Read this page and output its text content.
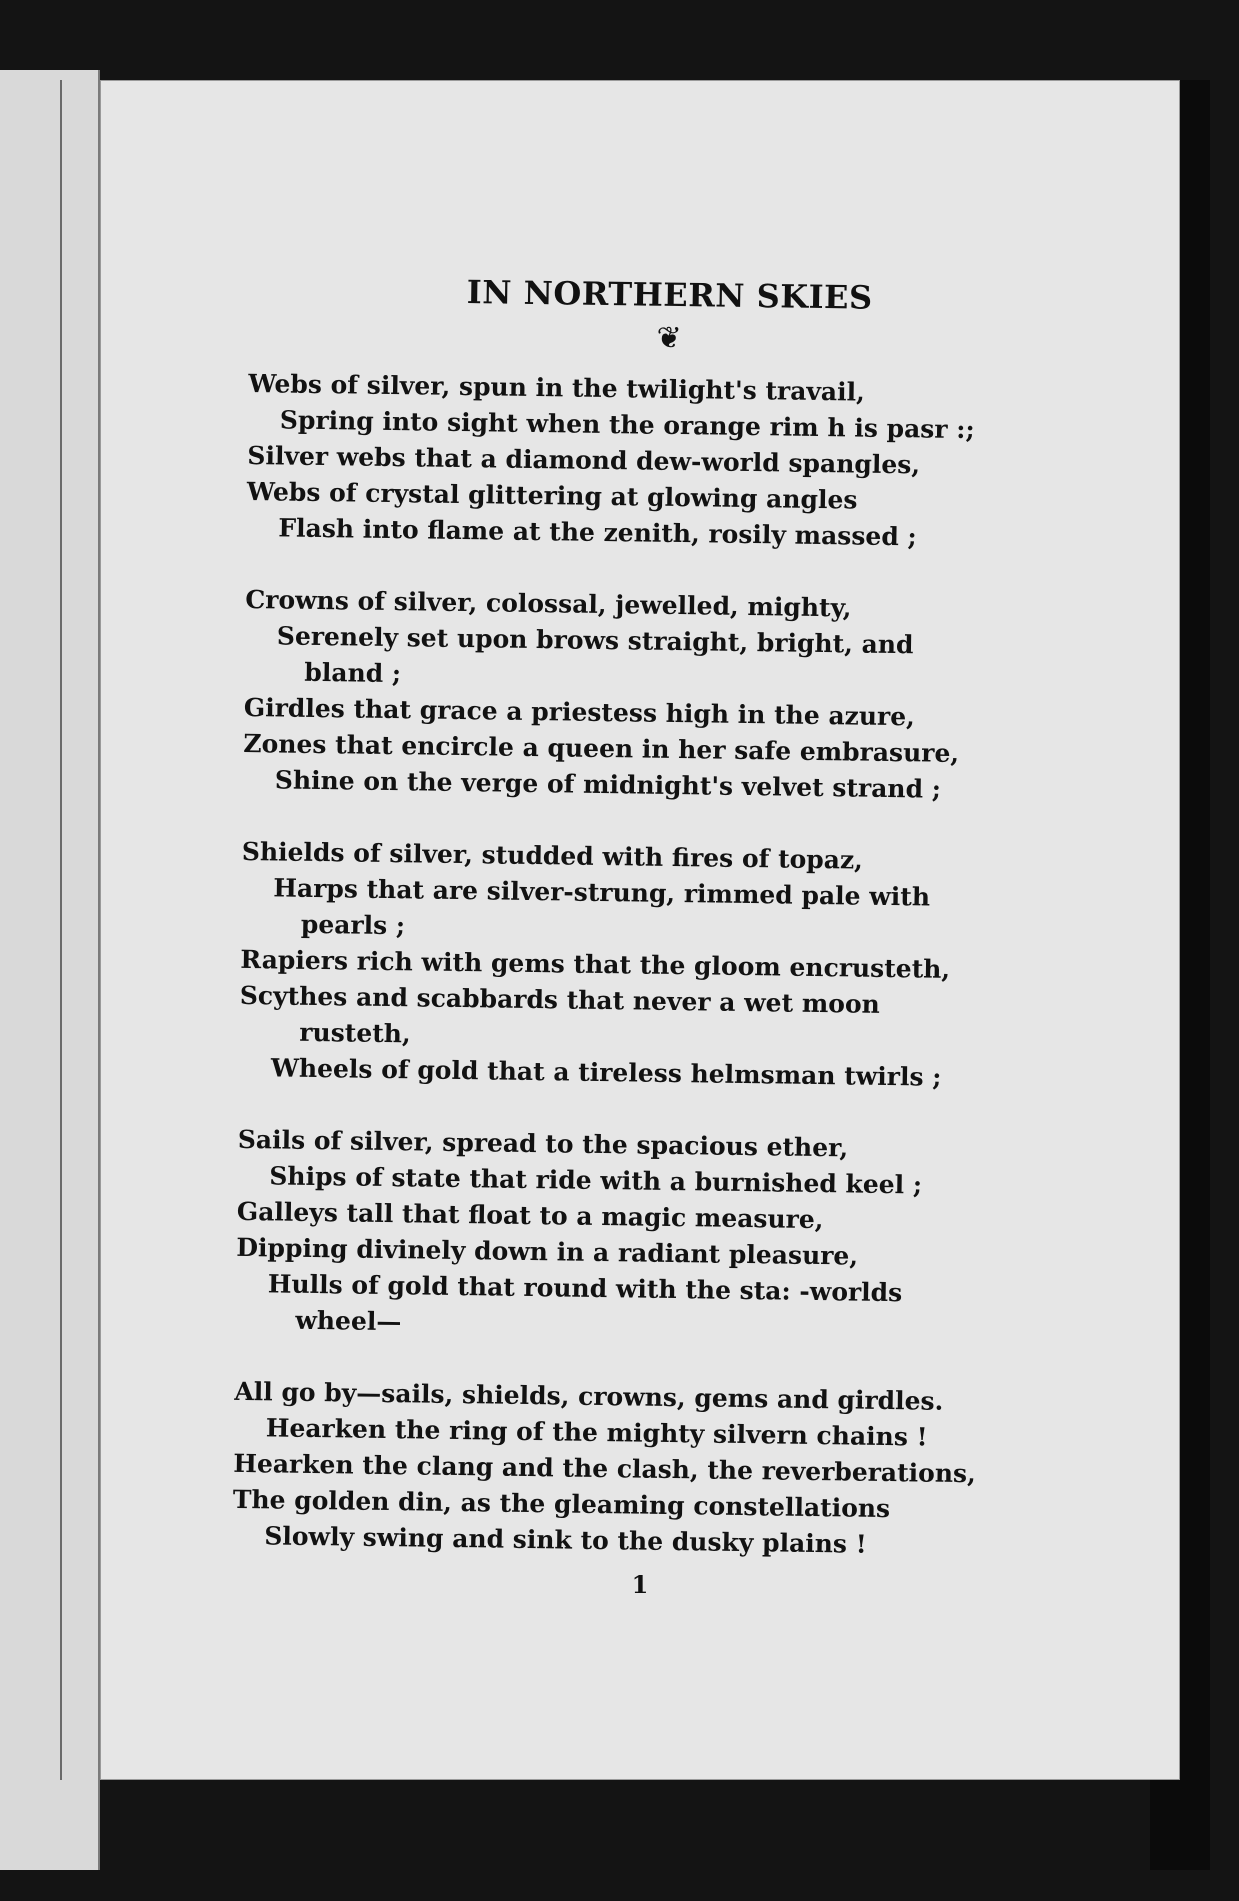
IN NORTHERN SKIES
❦
Webs of silver, spun in the twilight's travail,
Spring into sight when the orange rim h is pasr :;
Silver webs that a diamond dew-world spangles,
Webs of crystal glittering at glowing angles
Flash into flame at the zenith, rosily massed ;
Crowns of silver, colossal, jewelled, mighty,
Serenely set upon brows straight, bright, and
bland ;
Girdles that grace a priestess high in the azure,
Zones that encircle a queen in her safe embrasure,
Shine on the verge of midnight's velvet strand ;
Shields of silver, studded with fires of topaz,
Harps that are silver-strung, rimmed pale with
pearls ;
Rapiers rich with gems that the gloom encrusteth,
Scythes and scabbards that never a wet moon
rusteth,
Wheels of gold that a tireless helmsman twirls ;
Sails of silver, spread to the spacious ether,
Ships of state that ride with a burnished keel ;
Galleys tall that float to a magic measure,
Dipping divinely down in a radiant pleasure,
Hulls of gold that round with the sta: -worlds
wheel—
All go by—sails, shields, crowns, gems and girdles.
Hearken the ring of the mighty silvern chains !
Hearken the clang and the clash, the reverberations,
The golden din, as the gleaming constellations
Slowly swing and sink to the dusky plains !
1
